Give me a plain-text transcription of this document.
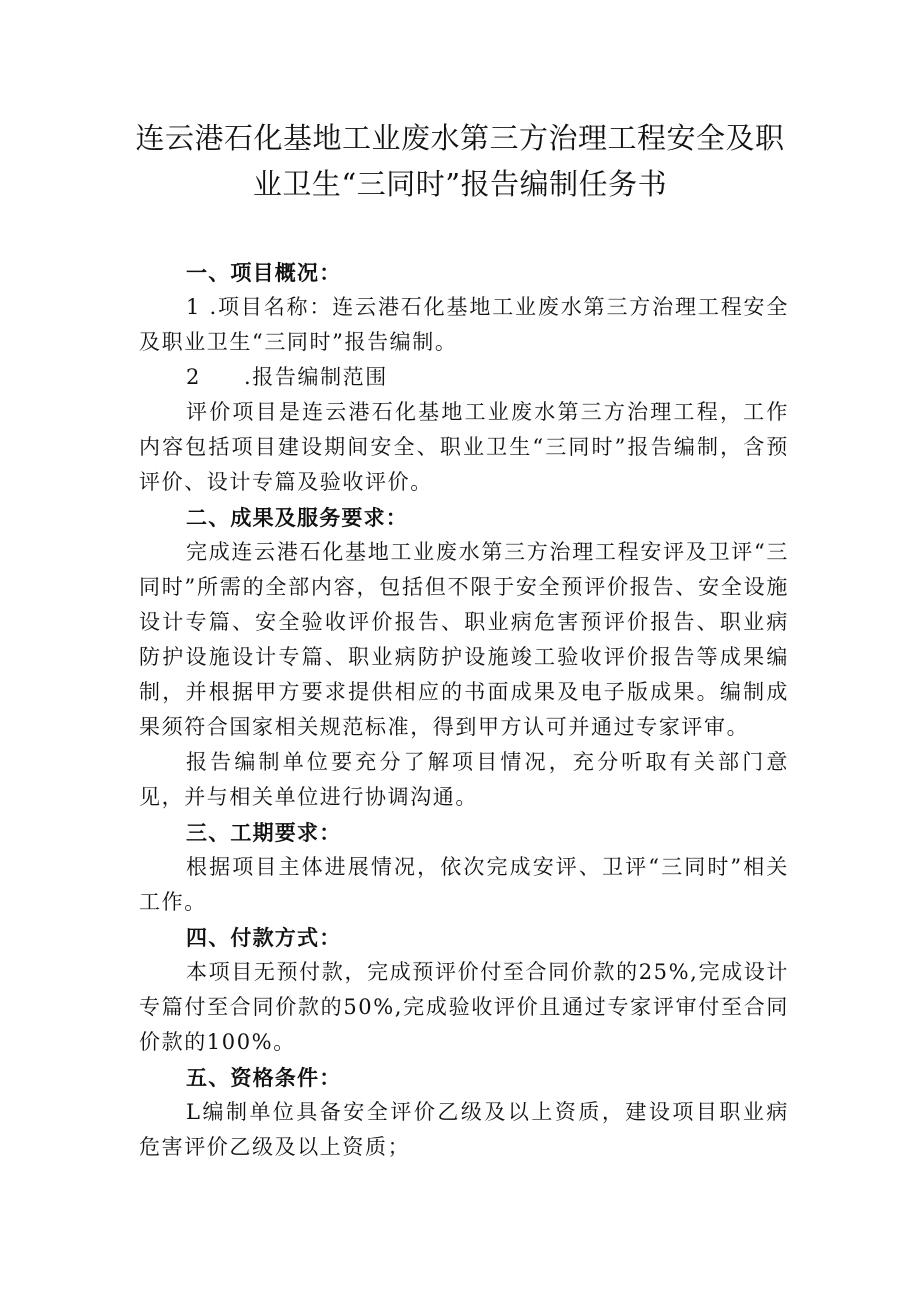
连云港石化基地工业废水第三方治理工程安全及职
业卫生“三同时”报告编制任务书

一、项目概况：

1 .项目名称：连云港石化基地工业废水第三方治理工程安全及职业卫生“三同时”报告编制。

2 .报告编制范围

评价项目是连云港石化基地工业废水第三方治理工程，工作内容包括项目建设期间安全、职业卫生“三同时”报告编制，含预评价、设计专篇及验收评价。

二、成果及服务要求：

完成连云港石化基地工业废水第三方治理工程安评及卫评“三同时”所需的全部内容，包括但不限于安全预评价报告、安全设施设计专篇、安全验收评价报告、职业病危害预评价报告、职业病防护设施设计专篇、职业病防护设施竣工验收评价报告等成果编制，并根据甲方要求提供相应的书面成果及电子版成果。编制成果须符合国家相关规范标准，得到甲方认可并通过专家评审。

报告编制单位要充分了解项目情况，充分听取有关部门意见，并与相关单位进行协调沟通。

三、工期要求：

根据项目主体进展情况，依次完成安评、卫评“三同时”相关工作。

四、付款方式：

本项目无预付款，完成预评价付至合同价款的25%,完成设计专篇付至合同价款的50%,完成验收评价且通过专家评审付至合同价款的100%。

五、资格条件：

L编制单位具备安全评价乙级及以上资质，建设项目职业病危害评价乙级及以上资质；
